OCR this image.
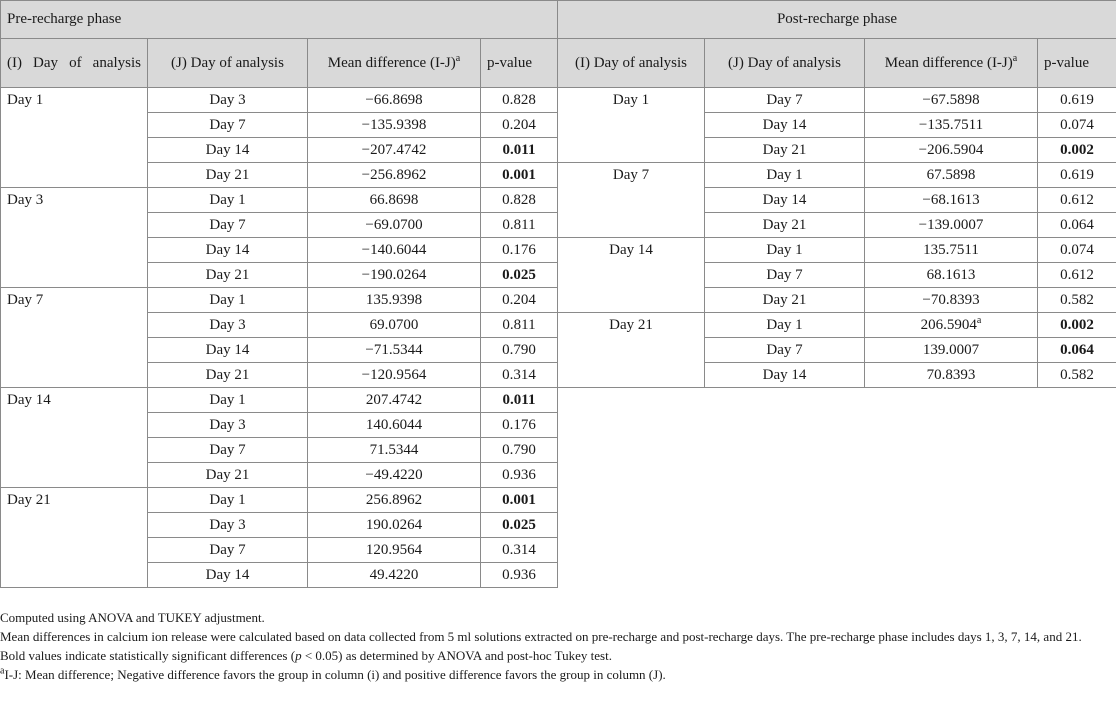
Pre-recharge phase				Post-recharge phase			
(I) Day of analysis	(J) Day of analysis	Mean difference $(I-J)^a$	p-value	(I) Day of analysis	(J) Day of analysis	Mean difference $(I-J)^a$	p-value
Day 1	Day 3	−66.8698	0.828	Day 1	Day 7	−67.5898	0.619
	Day 7	−135.9398	0.204		Day 14	−135.7511	0.074
	Day 14	−207.4742	0.011		Day 21	−206.5904	0.002
	Day 21	−256.8962	0.001	Day 7	Day 1	67.5898	0.619
Day 3	Day 1	66.8698	0.828		Day 14	−68.1613	0.612
	Day 7	−69.0700	0.811		Day 21	−139.0007	0.064
	Day 14	−140.6044	0.176	Day 14	Day 1	135.7511	0.074
	Day 21	−190.0264	0.025		Day 7	68.1613	0.612
Day 7	Day 1	135.9398	0.204		Day 21	−70.8393	0.582
	Day 3	69.0700	0.811	Day 21	Day 1	206.5904$^a$	0.002
	Day 14	−71.5344	0.790		Day 7	139.0007	0.064
	Day 21	−120.9564	0.314		Day 14	70.8393	0.582
Day 14	Day 1	207.4742	0.011				
	Day 3	140.6044	0.176				
	Day 7	71.5344	0.790				
	Day 21	−49.4220	0.936				
Day 21	Day 1	256.8962	0.001				
	Day 3	190.0264	0.025				
	Day 7	120.9564	0.314				
	Day 14	49.4220	0.936				

Computed using ANOVA and TUKEY adjustment.

Mean differences in calcium ion release were calculated based on data collected from 5 ml solutions extracted on pre-recharge and post-recharge days. The pre-recharge phase includes days 1, 3, 7, 14, and 21.

Bold values indicate statistically significant differences (p < 0.05) as determined by ANOVA and post-hoc Tukey test.

$^a$I-J: Mean difference; Negative difference favors the group in column (i) and positive difference favors the group in column (J).
